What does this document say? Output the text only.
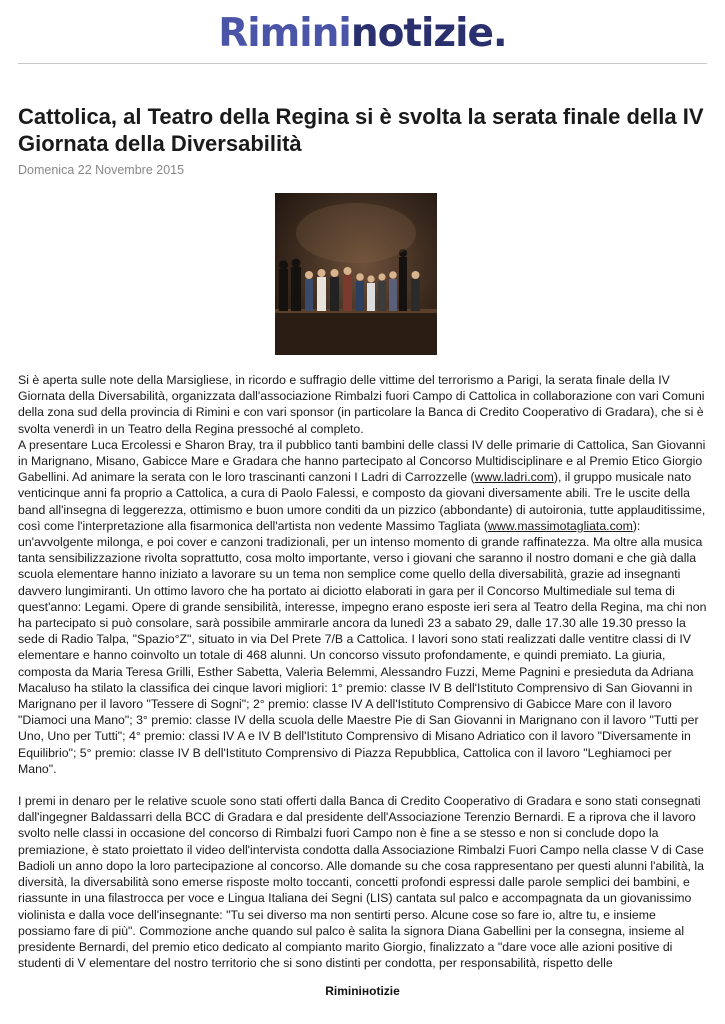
Rimininotizie.
Cattolica, al Teatro della Regina si è svolta la serata finale della IV Giornata della Diversabilità
Domenica 22 Novembre 2015

Si è aperta sulle note della Marsigliese, in ricordo e suffragio delle vittime del terrorismo a Parigi, la serata finale della IV Giornata della Diversabilità, organizzata dall'associazione Rimbalzi fuori Campo di Cattolica in collaborazione con vari Comuni della zona sud della provincia di Rimini e con vari sponsor (in particolare la Banca di Credito Cooperativo di Gradara), che si è svolta venerdì in un Teatro della Regina pressoché al completo.

A presentare Luca Ercolessi e Sharon Bray, tra il pubblico tanti bambini delle classi IV delle primarie di Cattolica, San Giovanni in Marignano, Misano, Gabicce Mare e Gradara che hanno partecipato al Concorso Multidisciplinare e al Premio Etico Giorgio Gabellini. Ad animare la serata con le loro trascinanti canzoni I Ladri di Carrozzelle (www.ladri.com), il gruppo musicale nato venticinque anni fa proprio a Cattolica, a cura di Paolo Falessi, e composto da giovani diversamente abili. Tre le uscite della band all'insegna di leggerezza, ottimismo e buon umore conditi da un pizzico (abbondante) di autoironia, tutte applauditissime, così come l'interpretazione alla fisarmonica dell'artista non vedente Massimo Tagliata (www.massimotagliata.com): un'avvolgente milonga, e poi cover e canzoni tradizionali, per un intenso momento di grande raffinatezza. Ma oltre alla musica tanta sensibilizzazione rivolta soprattutto, cosa molto importante, verso i giovani che saranno il nostro domani e che già dalla scuola elementare hanno iniziato a lavorare su un tema non semplice come quello della diversabilità, grazie ad insegnanti davvero lungimiranti. Un ottimo lavoro che ha portato ai diciotto elaborati in gara per il Concorso Multimediale sul tema di quest'anno: Legami. Opere di grande sensibilità, interesse, impegno erano esposte ieri sera al Teatro della Regina, ma chi non ha partecipato si può consolare, sarà possibile ammirarle ancora da lunedì 23 a sabato 29, dalle 17.30 alle 19.30 presso la sede di Radio Talpa, "Spazio°Z", situato in via Del Prete 7/B a Cattolica. I lavori sono stati realizzati dalle ventitre classi di IV elementare e hanno coinvolto un totale di 468 alunni. Un concorso vissuto profondamente, e quindi premiato. La giuria, composta da Maria Teresa Grilli, Esther Sabetta, Valeria Belemmi, Alessandro Fuzzi, Meme Pagnini e presieduta da Adriana Macaluso ha stilato la classifica dei cinque lavori migliori: 1° premio: classe IV B dell'Istituto Comprensivo di San Giovanni in Marignano per il lavoro "Tessere di Sogni"; 2° premio: classe IV A dell'Istituto Comprensivo di Gabicce Mare con il lavoro "Diamoci una Mano"; 3° premio: classe IV della scuola delle Maestre Pie di San Giovanni in Marignano con il lavoro "Tutti per Uno, Uno per Tutti"; 4° premio: classi IV A e IV B dell'Istituto Comprensivo di Misano Adriatico con il lavoro "Diversamente in Equilibrio"; 5° premio: classe IV B dell'Istituto Comprensivo di Piazza Repubblica, Cattolica con il lavoro "Leghiamoci per Mano".

I premi in denaro per le relative scuole sono stati offerti dalla Banca di Credito Cooperativo di Gradara e sono stati consegnati dall'ingegner Baldassarri della BCC di Gradara e dal presidente dell'Associazione Terenzio Bernardi. E a riprova che il lavoro svolto nelle classi in occasione del concorso di Rimbalzi fuori Campo non è fine a se stesso e non si conclude dopo la premiazione, è stato proiettato il video dell'intervista condotta dalla Associazione Rimbalzi Fuori Campo nella classe V di Case Badioli un anno dopo la loro partecipazione al concorso. Alle domande su che cosa rappresentano per questi alunni l'abilità, la diversità, la diversabilità sono emerse risposte molto toccanti, concetti profondi espressi dalle parole semplici dei bambini, e riassunte in una filastrocca per voce e Lingua Italiana dei Segni (LIS) cantata sul palco e accompagnata da un giovanissimo violinista e dalla voce dell'insegnante: "Tu sei diverso ma non sentirti perso. Alcune cose so fare io, altre tu, e insieme possiamo fare di più". Commozione anche quando sul palco è salita la signora Diana Gabellini per la consegna, insieme al presidente Bernardi, del premio etico dedicato al compianto marito Giorgio, finalizzato a "dare voce alle azioni positive di studenti di V elementare del nostro territorio che si sono distinti per condotta, per responsabilità, rispetto delle

Riminінotizie
